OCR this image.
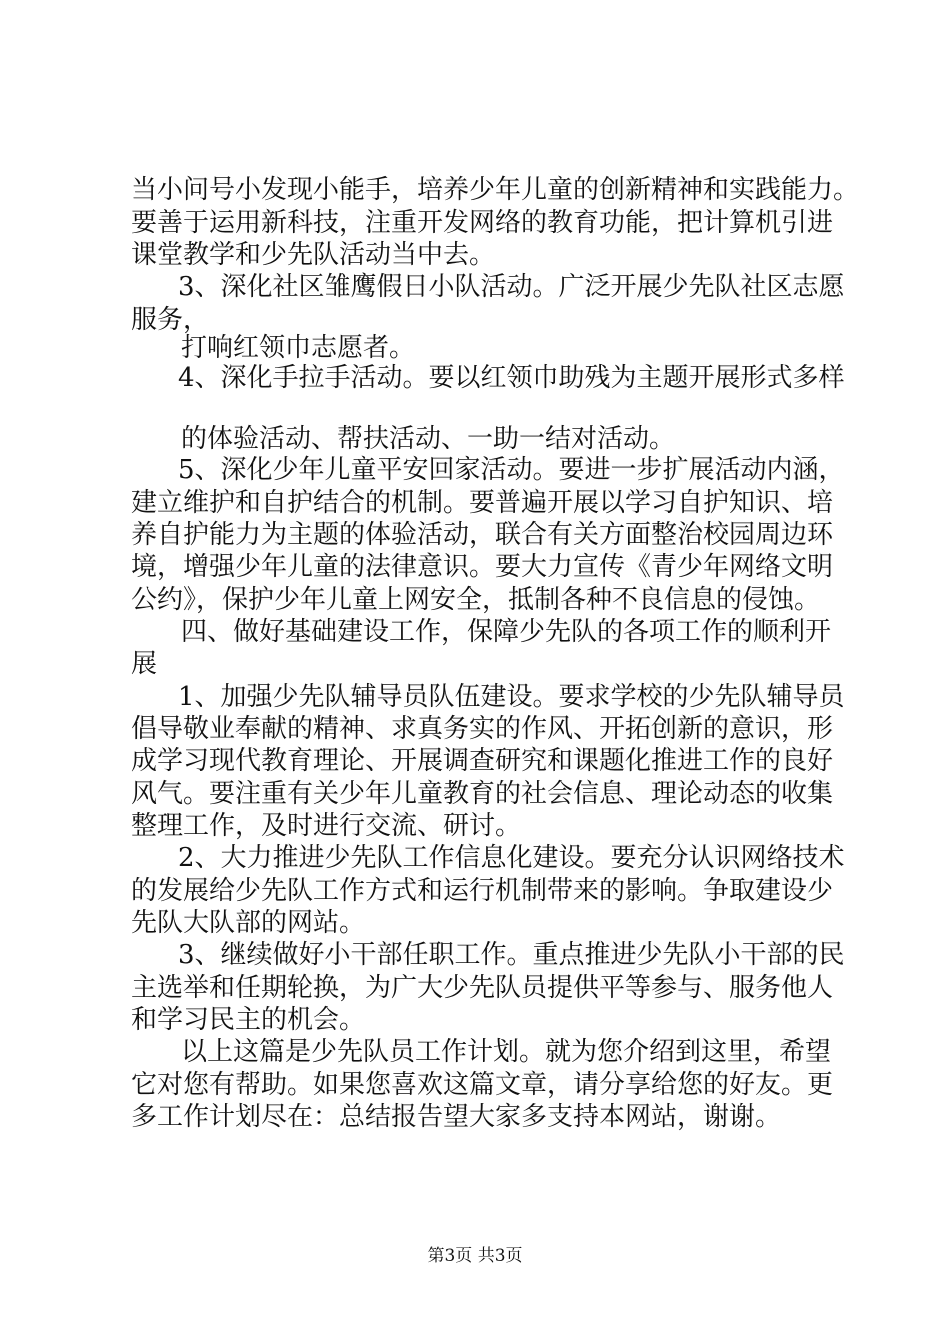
当小问号小发现小能手，培养少年儿童的创新精神和实践能力。
要善于运用新科技，注重开发网络的教育功能，把计算机引进
课堂教学和少先队活动当中去。
3、深化社区雏鹰假日小队活动。广泛开展少先队社区志愿
服务，
打响红领巾志愿者。
4、深化手拉手活动。要以红领巾助残为主题开展形式多样
的体验活动、帮扶活动、一助一结对活动。
5、深化少年儿童平安回家活动。要进一步扩展活动内涵，
建立维护和自护结合的机制。要普遍开展以学习自护知识、培
养自护能力为主题的体验活动，联合有关方面整治校园周边环
境，增强少年儿童的法律意识。要大力宣传《青少年网络文明
公约》，保护少年儿童上网安全，抵制各种不良信息的侵蚀。
四、做好基础建设工作，保障少先队的各项工作的顺利开
展
1、加强少先队辅导员队伍建设。要求学校的少先队辅导员
倡导敬业奉献的精神、求真务实的作风、开拓创新的意识，形
成学习现代教育理论、开展调查研究和课题化推进工作的良好
风气。要注重有关少年儿童教育的社会信息、理论动态的收集
整理工作，及时进行交流、研讨。
2、大力推进少先队工作信息化建设。要充分认识网络技术
的发展给少先队工作方式和运行机制带来的影响。争取建设少
先队大队部的网站。
3、继续做好小干部任职工作。重点推进少先队小干部的民
主选举和任期轮换，为广大少先队员提供平等参与、服务他人
和学习民主的机会。
以上这篇是少先队员工作计划。就为您介绍到这里，希望
它对您有帮助。如果您喜欢这篇文章，请分享给您的好友。更
多工作计划尽在：总结报告望大家多支持本网站，谢谢。
第3页 共3页
